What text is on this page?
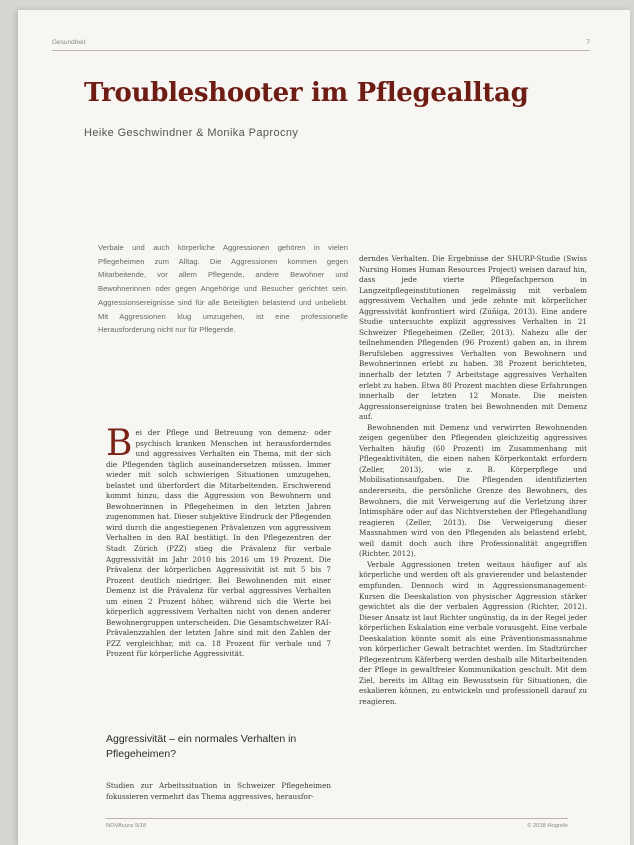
Gesundheit	7
Troubleshooter im Pflegealltag
Heike Geschwindner & Monika Paprocny
Verbale und auch körperliche Aggressionen gehören in vielen Pflegeheimen zum Alltag. Die Aggressionen kommen gegen Mitarbeitende, vor allem Pflegende, andere Bewohner und Bewohnerinnen oder gegen Angehörige und Besucher gerichtet sein. Aggressionsereignisse sind für alle Beteiligten belastend und unbeliebt. Mit Aggressionen klug umzugehen, ist eine professionelle Herausforderung nicht nur für Pflegende.

Bei der Pflege und Betreuung von demenz- oder psychisch kranken Menschen ist herausforderndes und aggressives Verhalten ein Thema, mit der sich die Pflegenden täglich auseinandersetzen müssen. Immer wieder mit solch schwierigen Situationen umzugehen, belastet und überfordert die Mitarbeitenden. Erschwerend kommt hinzu, dass die Aggression von Bewohnern und Bewohnerinnen in Pflegeheimen in den letzten Jahren zugenommen hat. Dieser subjektive Eindruck der Pflegenden wird durch die angestiegenen Prävalenzen von aggressivem Verhalten in den RAI bestätigt. In den Pflegezentren der Stadt Zürich (PZZ) stieg die Prävalenz für verbale Aggressivität im Jahr 2010 bis 2016 um 19 Prozent. Die Prävalenz der körperlichen Aggressivität ist mit 5 bis 7 Prozent deutlich niedriger. Bei Bewohnenden mit einer Demenz ist die Prävalenz für verbal aggressives Verhalten um einen 2 Prozent höher, während sich die Werte bei körperlich aggressivem Verhalten nicht von denen anderer Bewohnergruppen unterscheiden. Die Gesamtschweizer RAI-Prävalenzzahlen der letzten Jahre sind mit den Zahlen der PZZ vergleichbar, mit ca. 18 Prozent für verbale und 7 Prozent für körperliche Aggressivität.

Aggressivität – ein normales Verhalten in Pflegeheimen?

Studien zur Arbeitssituation in Schweizer Pflegeheimen fokussieren vermehrt das Thema aggressives, herausfor-

derndes Verhalten. Die Ergebnisse der SHURP-Studie (Swiss Nursing Homes Human Resources Project) weisen darauf hin, dass jede vierte Pflegefachperson in Langzeitpflegeinstitutionen regelmässig mit verbalem aggressivem Verhalten und jede zehnte mit körperlicher Aggressivität konfrontiert wird (Zúñiga, 2013). Eine andere Studie untersuchte explizit aggressives Verhalten in 21 Schweizer Pflegeheimen (Zeller, 2013). Nahezu alle der teilnehmenden Pflegenden (96 Prozent) gaben an, in ihrem Berufsleben aggressives Verhalten von Bewohnern und Bewohnerinnen erlebt zu haben. 38 Prozent berichteten, innerhalb der letzten 7 Arbeitstage aggressives Verhalten erlebt zu haben. Etwa 80 Prozent machten diese Erfahrungen innerhalb der letzten 12 Monate. Die meisten Aggressionsereignisse traten bei Bewohnenden mit Demenz auf.

Bewohnenden mit Demenz und verwirrten Bewohnenden zeigen gegenüber den Pflegenden gleichzeitig aggressives Verhalten häufig (60 Prozent) im Zusammenhang mit Pflegeaktivitäten, die einen nahen Körperkontakt erfordern (Zeller, 2013), wie z. B. Körperpflege und Mobilisationsaufgaben. Die Pflegenden identifizierten andererseits, die persönliche Grenze des Bewohners, des Bewohners, die mit Verweigerung auf die Verletzung ihrer Intimsphäre oder auf das Nichtverstehen der Pflegehandlung reagieren (Zeller, 2013). Die Verweigerung dieser Massnahmen wird von den Pflegenden als belastend erlebt, weil damit doch auch ihre Professionalität angegriffen (Richter, 2012).

Verbale Aggressionen treten weitaus häufiger auf als körperliche und werden oft als gravierender und belastender empfunden. Dennoch wird in Aggressionsmanagement-Kursen die Deeskalation von physischer Aggression stärker gewichtet als die der verbalen Aggression (Richter, 2012). Dieser Ansatz ist laut Richter ungünstig, da in der Regel jeder körperlichen Eskalation eine verbale vorausgeht. Eine verbale Deeskalation könnte somit als eine Präventionsmassnahme von körperlicher Gewalt betrachtet werden. Im Stadtzürcher Pflegezentrum Käferberg werden deshalb alle Mitarbeitenden der Pflege in gewaltfreier Kommunikation geschult. Mit dem Ziel, bereits im Alltag ein Bewusstsein für Situationen, die eskalieren können, zu entwickeln und professionell darauf zu reagieren.

NOVAcura 9/18	© 2018 Hogrefe
